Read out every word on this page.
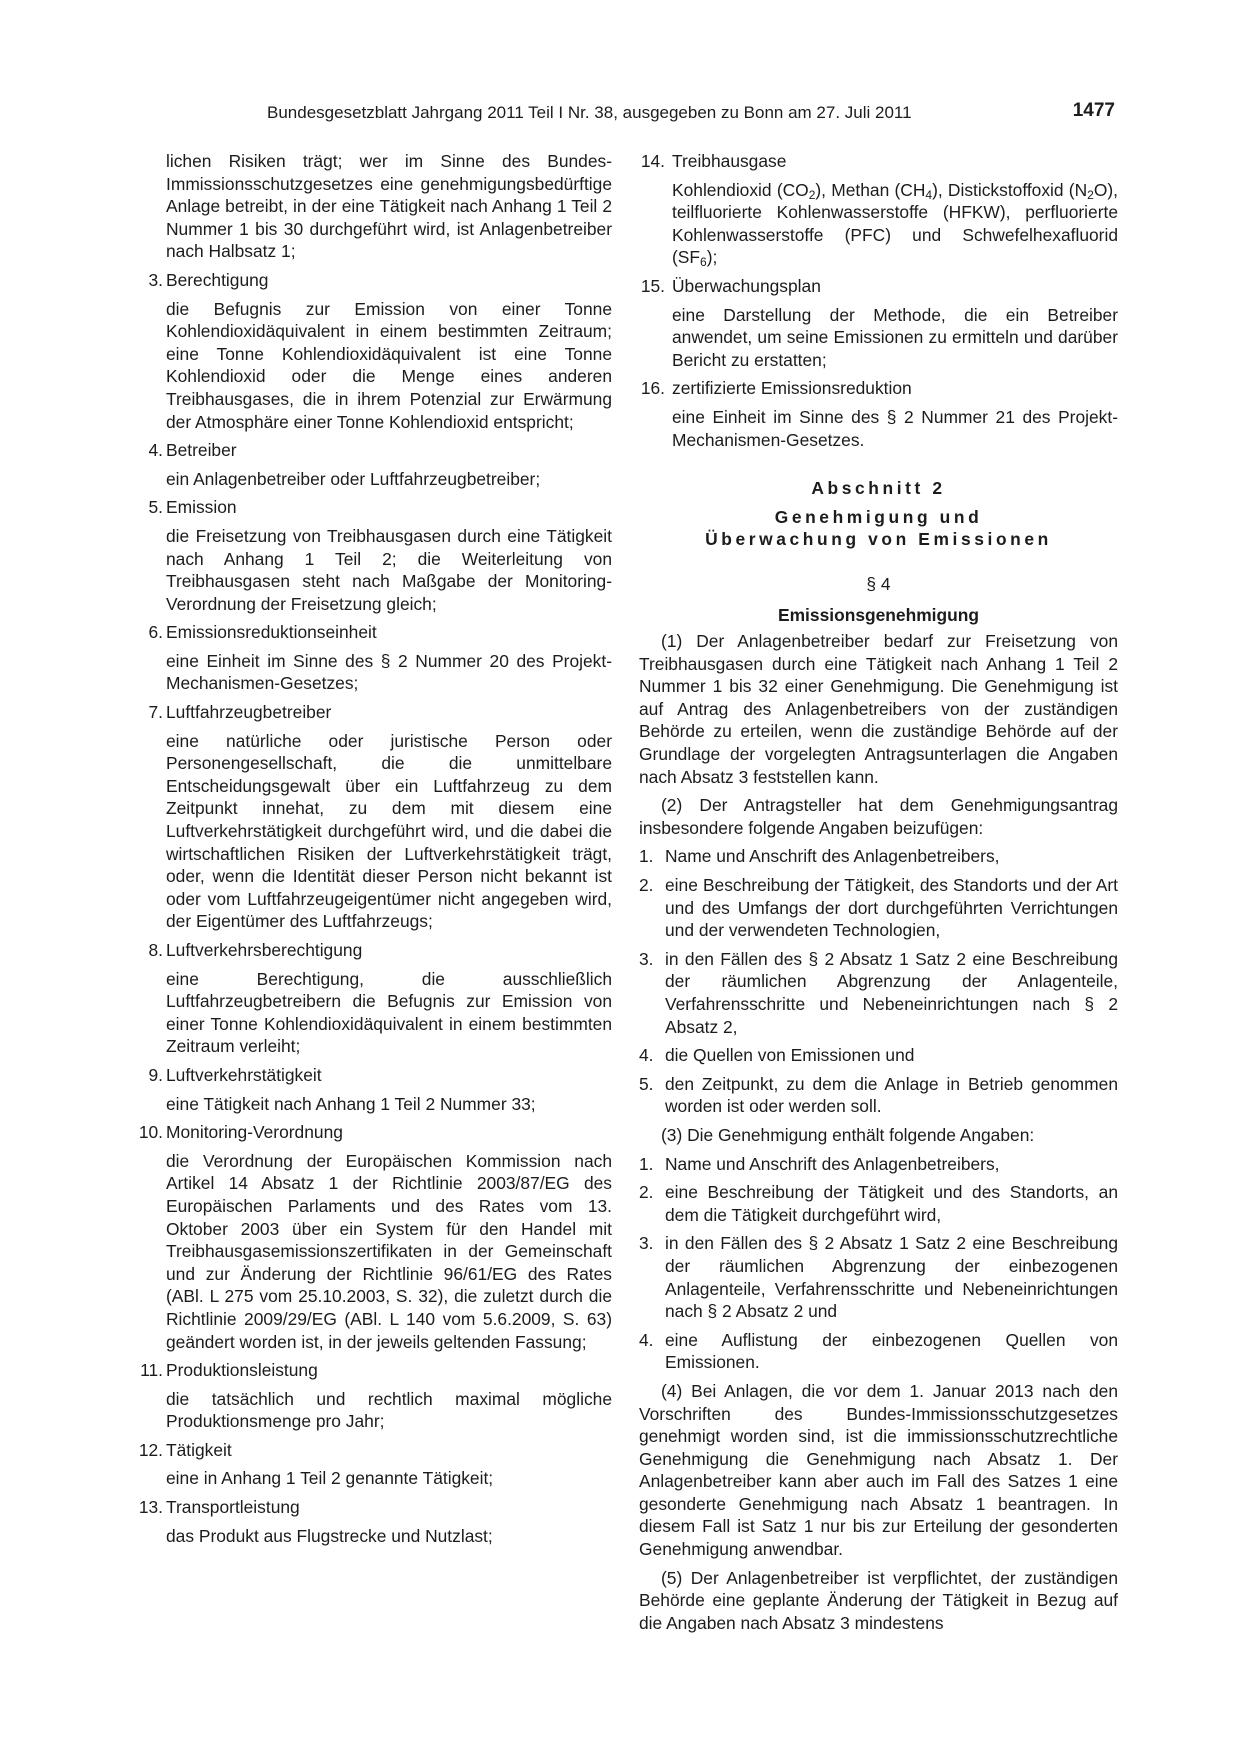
Bundesgesetzblatt Jahrgang 2011 Teil I Nr. 38, ausgegeben zu Bonn am 27. Juli 2011	1477
lichen Risiken trägt; wer im Sinne des Bundes-Immissionsschutzgesetzes eine genehmigungsbedürftige Anlage betreibt, in der eine Tätigkeit nach Anhang 1 Teil 2 Nummer 1 bis 30 durchgeführt wird, ist Anlagenbetreiber nach Halbsatz 1;
3. Berechtigung
die Befugnis zur Emission von einer Tonne Kohlendioxidäquivalent in einem bestimmten Zeitraum; eine Tonne Kohlendioxidäquivalent ist eine Tonne Kohlendioxid oder die Menge eines anderen Treibhausgases, die in ihrem Potenzial zur Erwärmung der Atmosphäre einer Tonne Kohlendioxid entspricht;
4. Betreiber
ein Anlagenbetreiber oder Luftfahrzeugbetreiber;
5. Emission
die Freisetzung von Treibhausgasen durch eine Tätigkeit nach Anhang 1 Teil 2; die Weiterleitung von Treibhausgasen steht nach Maßgabe der Monitoring-Verordnung der Freisetzung gleich;
6. Emissionsreduktionseinheit
eine Einheit im Sinne des § 2 Nummer 20 des Projekt-Mechanismen-Gesetzes;
7. Luftfahrzeugbetreiber
eine natürliche oder juristische Person oder Personengesellschaft, die die unmittelbare Entscheidungsgewalt über ein Luftfahrzeug zu dem Zeitpunkt innehat, zu dem mit diesem eine Luftverkehrstätigkeit durchgeführt wird, und die dabei die wirtschaftlichen Risiken der Luftverkehrstätigkeit trägt, oder, wenn die Identität dieser Person nicht bekannt ist oder vom Luftfahrzeugeigentümer nicht angegeben wird, der Eigentümer des Luftfahrzeugs;
8. Luftverkehrsberechtigung
eine Berechtigung, die ausschließlich Luftfahrzeugbetreibern die Befugnis zur Emission von einer Tonne Kohlendioxidäquivalent in einem bestimmten Zeitraum verleiht;
9. Luftverkehrstätigkeit
eine Tätigkeit nach Anhang 1 Teil 2 Nummer 33;
10. Monitoring-Verordnung
die Verordnung der Europäischen Kommission nach Artikel 14 Absatz 1 der Richtlinie 2003/87/EG des Europäischen Parlaments und des Rates vom 13. Oktober 2003 über ein System für den Handel mit Treibhausgasemissionszertifikaten in der Gemeinschaft und zur Änderung der Richtlinie 96/61/EG des Rates (ABl. L 275 vom 25.10.2003, S. 32), die zuletzt durch die Richtlinie 2009/29/EG (ABl. L 140 vom 5.6.2009, S. 63) geändert worden ist, in der jeweils geltenden Fassung;
11. Produktionsleistung
die tatsächlich und rechtlich maximal mögliche Produktionsmenge pro Jahr;
12. Tätigkeit
eine in Anhang 1 Teil 2 genannte Tätigkeit;
13. Transportleistung
das Produkt aus Flugstrecke und Nutzlast;
14. Treibhausgase
Kohlendioxid $(CO_2)$, Methan $(CH_4)$, Distickstoffoxid $(N_2O)$, teilfluorierte Kohlenwasserstoffe (HFKW), perfluorierte Kohlenwasserstoffe (PFC) und Schwefelhexafluorid $(SF_6)$;
15. Überwachungsplan
eine Darstellung der Methode, die ein Betreiber anwendet, um seine Emissionen zu ermitteln und darüber Bericht zu erstatten;
16. zertifizierte Emissionsreduktion
eine Einheit im Sinne des § 2 Nummer 21 des Projekt-Mechanismen-Gesetzes.
Abschnitt 2
Genehmigung und
Überwachung von Emissionen
§ 4
Emissionsgenehmigung
(1) Der Anlagenbetreiber bedarf zur Freisetzung von Treibhausgasen durch eine Tätigkeit nach Anhang 1 Teil 2 Nummer 1 bis 32 einer Genehmigung. Die Genehmigung ist auf Antrag des Anlagenbetreibers von der zuständigen Behörde zu erteilen, wenn die zuständige Behörde auf der Grundlage der vorgelegten Antragsunterlagen die Angaben nach Absatz 3 feststellen kann.
(2) Der Antragsteller hat dem Genehmigungsantrag insbesondere folgende Angaben beizufügen:
1. Name und Anschrift des Anlagenbetreibers,
2. eine Beschreibung der Tätigkeit, des Standorts und der Art und des Umfangs der dort durchgeführten Verrichtungen und der verwendeten Technologien,
3. in den Fällen des § 2 Absatz 1 Satz 2 eine Beschreibung der räumlichen Abgrenzung der Anlagenteile, Verfahrensschritte und Nebeneinrichtungen nach § 2 Absatz 2,
4. die Quellen von Emissionen und
5. den Zeitpunkt, zu dem die Anlage in Betrieb genommen worden ist oder werden soll.
(3) Die Genehmigung enthält folgende Angaben:
1. Name und Anschrift des Anlagenbetreibers,
2. eine Beschreibung der Tätigkeit und des Standorts, an dem die Tätigkeit durchgeführt wird,
3. in den Fällen des § 2 Absatz 1 Satz 2 eine Beschreibung der räumlichen Abgrenzung der einbezogenen Anlagenteile, Verfahrensschritte und Nebeneinrichtungen nach § 2 Absatz 2 und
4. eine Auflistung der einbezogenen Quellen von Emissionen.
(4) Bei Anlagen, die vor dem 1. Januar 2013 nach den Vorschriften des Bundes-Immissionsschutzgesetzes genehmigt worden sind, ist die immissionsschutzrechtliche Genehmigung die Genehmigung nach Absatz 1. Der Anlagenbetreiber kann aber auch im Fall des Satzes 1 eine gesonderte Genehmigung nach Absatz 1 beantragen. In diesem Fall ist Satz 1 nur bis zur Erteilung der gesonderten Genehmigung anwendbar.
(5) Der Anlagenbetreiber ist verpflichtet, der zuständigen Behörde eine geplante Änderung der Tätigkeit in Bezug auf die Angaben nach Absatz 3 mindestens
